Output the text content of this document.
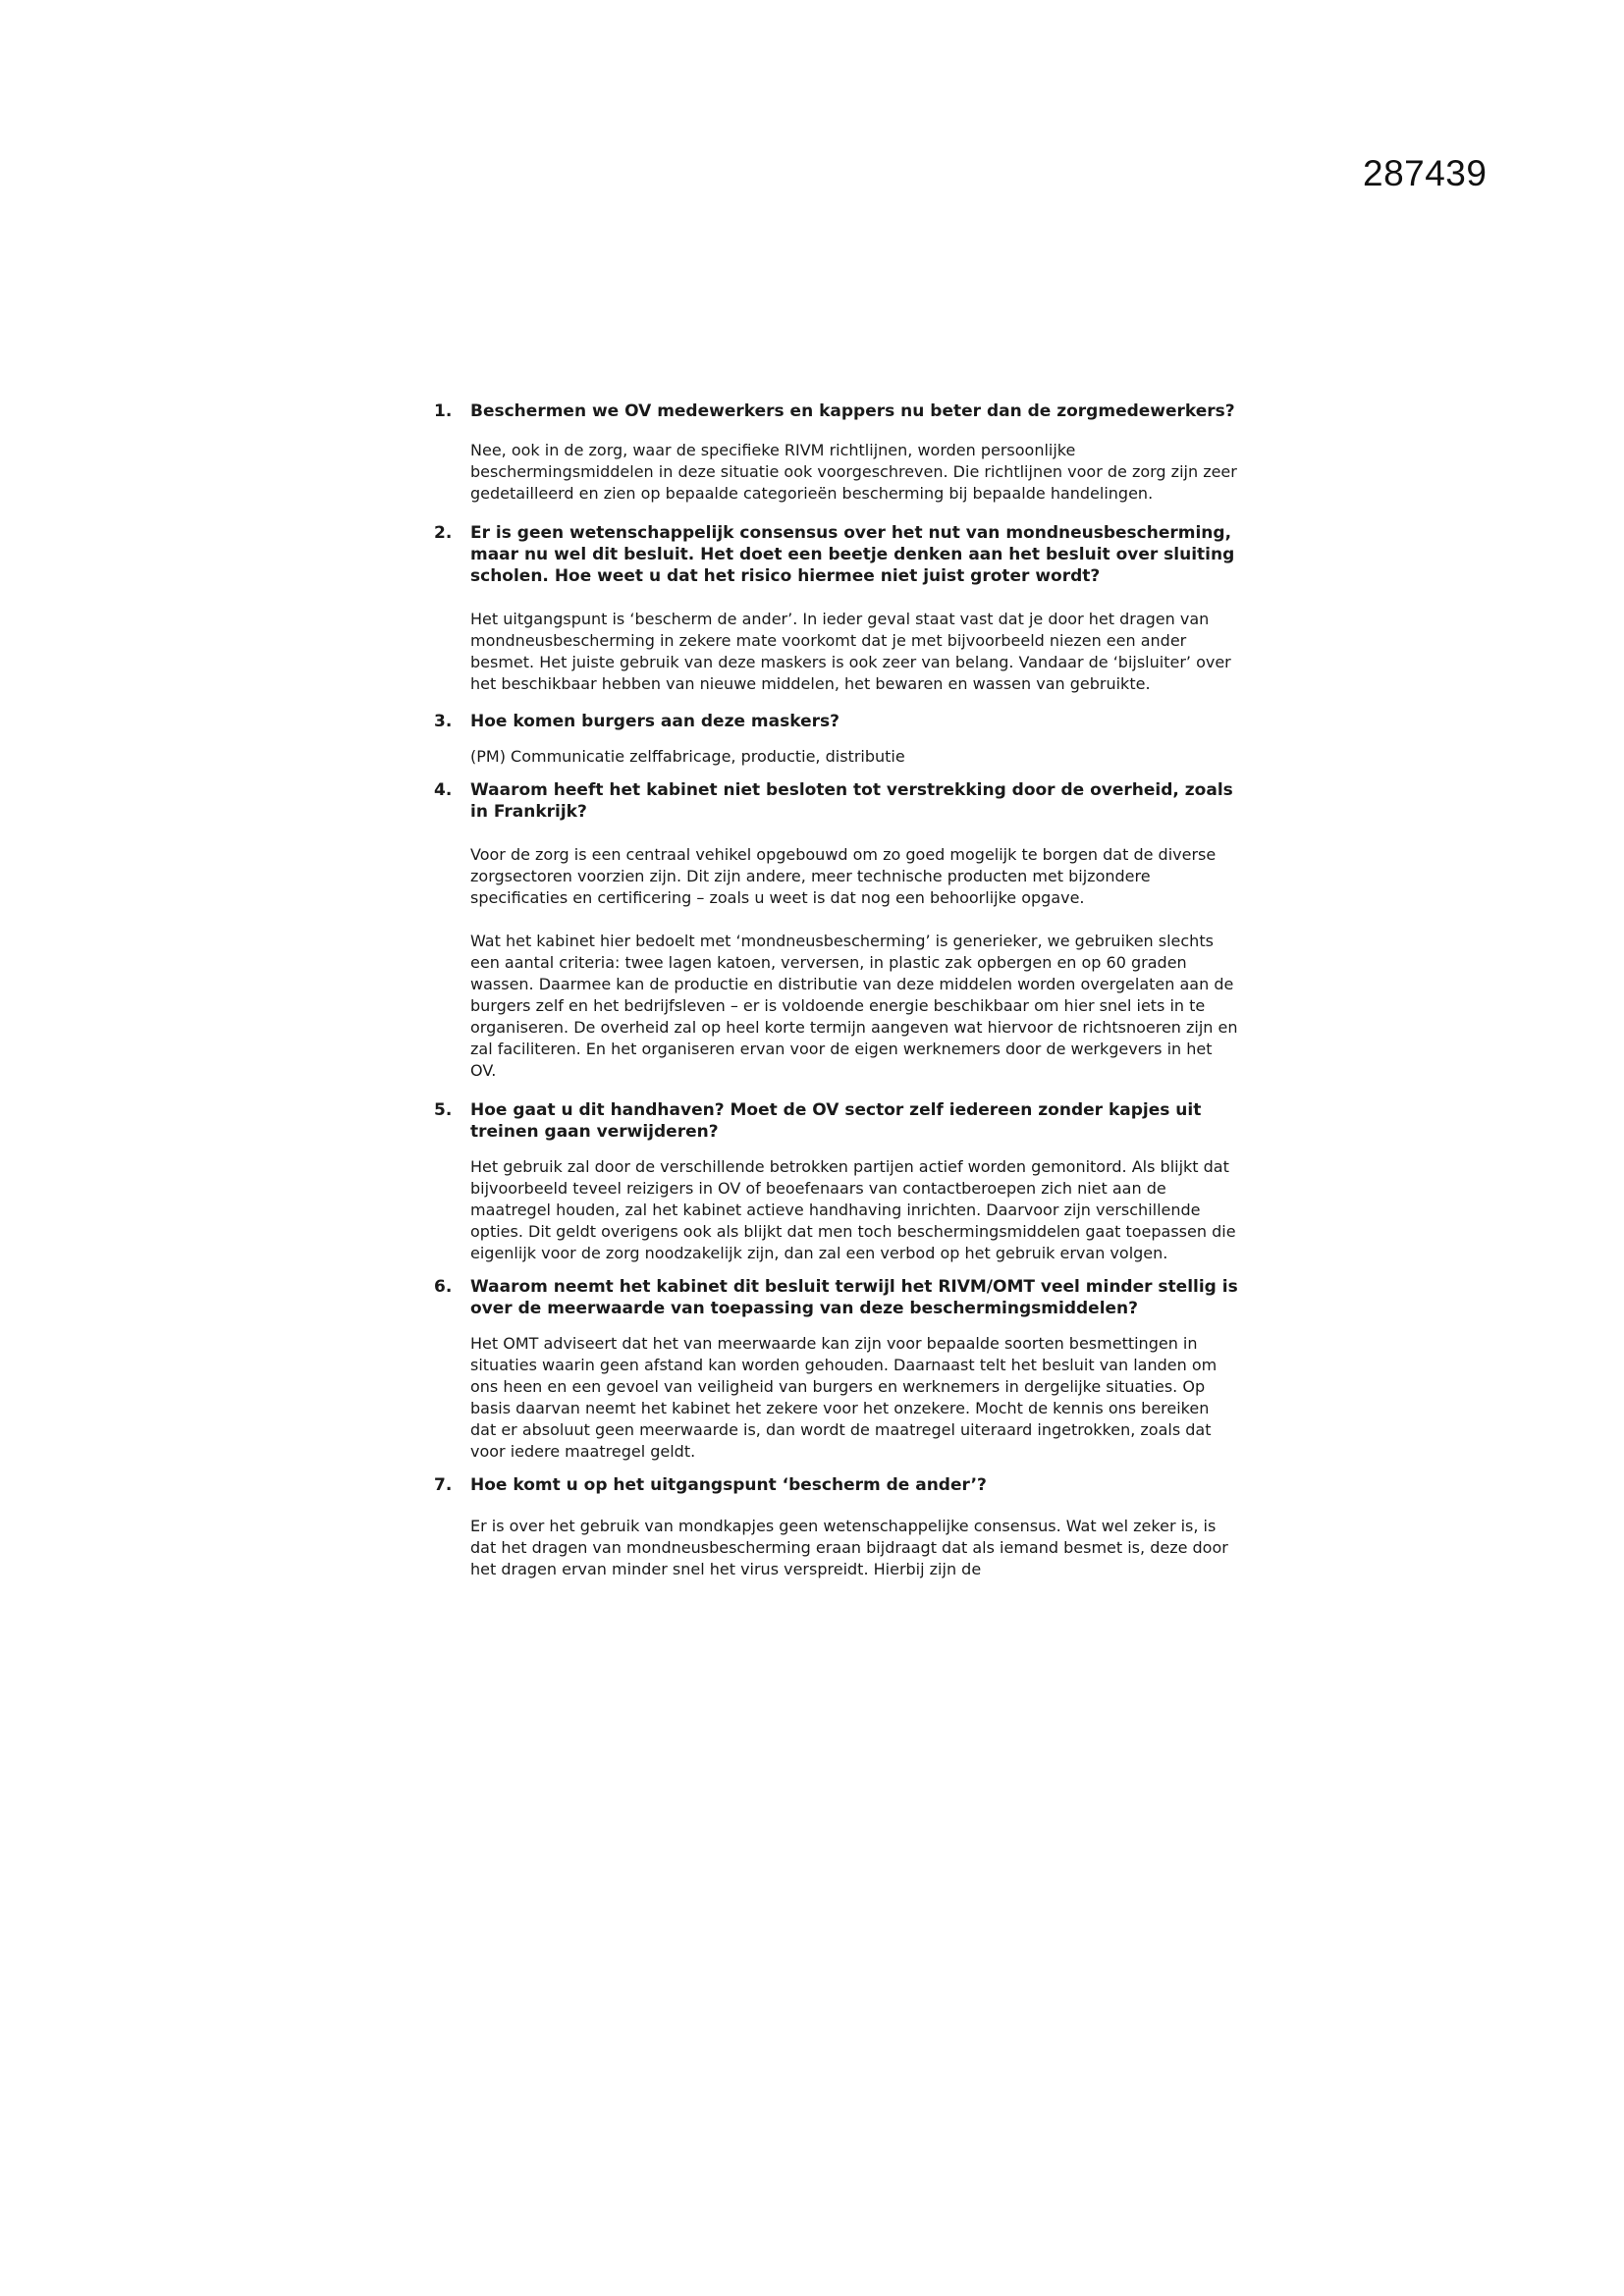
287439
1. Beschermen we OV medewerkers en kappers nu beter dan de zorgmedewerkers?

Nee, ook in de zorg, waar de specifieke RIVM richtlijnen, worden persoonlijke beschermingsmiddelen in deze situatie ook voorgeschreven. Die richtlijnen voor de zorg zijn zeer gedetailleerd en zien op bepaalde categorieën bescherming bij bepaalde handelingen.

2. Er is geen wetenschappelijk consensus over het nut van mondneusbescherming, maar nu wel dit besluit. Het doet een beetje denken aan het besluit over sluiting scholen. Hoe weet u dat het risico hiermee niet juist groter wordt?

Het uitgangspunt is ‘bescherm de ander’. In ieder geval staat vast dat je door het dragen van mondneusbescherming in zekere mate voorkomt dat je met bijvoorbeeld niezen een ander besmet. Het juiste gebruik van deze maskers is ook zeer van belang. Vandaar de ‘bijsluiter’ over het beschikbaar hebben van nieuwe middelen, het bewaren en wassen van gebruikte.

3. Hoe komen burgers aan deze maskers?

(PM) Communicatie zelffabricage, productie, distributie

4. Waarom heeft het kabinet niet besloten tot verstrekking door de overheid, zoals in Frankrijk?

Voor de zorg is een centraal vehikel opgebouwd om zo goed mogelijk te borgen dat de diverse zorgsectoren voorzien zijn. Dit zijn andere, meer technische producten met bijzondere specificaties en certificering – zoals u weet is dat nog een behoorlijke opgave.

Wat het kabinet hier bedoelt met ‘mondneusbescherming’ is generieker, we gebruiken slechts een aantal criteria: twee lagen katoen, verversen, in plastic zak opbergen en op 60 graden wassen. Daarmee kan de productie en distributie van deze middelen worden overgelaten aan de burgers zelf en het bedrijfsleven – er is voldoende energie beschikbaar om hier snel iets in te organiseren. De overheid zal op heel korte termijn aangeven wat hiervoor de richtsnoeren zijn en zal faciliteren. En het organiseren ervan voor de eigen werknemers door de werkgevers in het OV.

5. Hoe gaat u dit handhaven? Moet de OV sector zelf iedereen zonder kapjes uit treinen gaan verwijderen?

Het gebruik zal door de verschillende betrokken partijen actief worden gemonitord. Als blijkt dat bijvoorbeeld teveel reizigers in OV of beoefenaars van contactberoepen zich niet aan de maatregel houden, zal het kabinet actieve handhaving inrichten. Daarvoor zijn verschillende opties. Dit geldt overigens ook als blijkt dat men toch beschermingsmiddelen gaat toepassen die eigenlijk voor de zorg noodzakelijk zijn, dan zal een verbod op het gebruik ervan volgen.

6. Waarom neemt het kabinet dit besluit terwijl het RIVM/OMT veel minder stellig is over de meerwaarde van toepassing van deze beschermingsmiddelen?

Het OMT adviseert dat het van meerwaarde kan zijn voor bepaalde soorten besmettingen in situaties waarin geen afstand kan worden gehouden. Daarnaast telt het besluit van landen om ons heen en een gevoel van veiligheid van burgers en werknemers in dergelijke situaties. Op basis daarvan neemt het kabinet het zekere voor het onzekere. Mocht de kennis ons bereiken dat er absoluut geen meerwaarde is, dan wordt de maatregel uiteraard ingetrokken, zoals dat voor iedere maatregel geldt.

7. Hoe komt u op het uitgangspunt ‘bescherm de ander’?

Er is over het gebruik van mondkapjes geen wetenschappelijke consensus. Wat wel zeker is, is dat het dragen van mondneusbescherming eraan bijdraagt dat als iemand besmet is, deze door het dragen ervan minder snel het virus verspreidt. Hierbij zijn de
